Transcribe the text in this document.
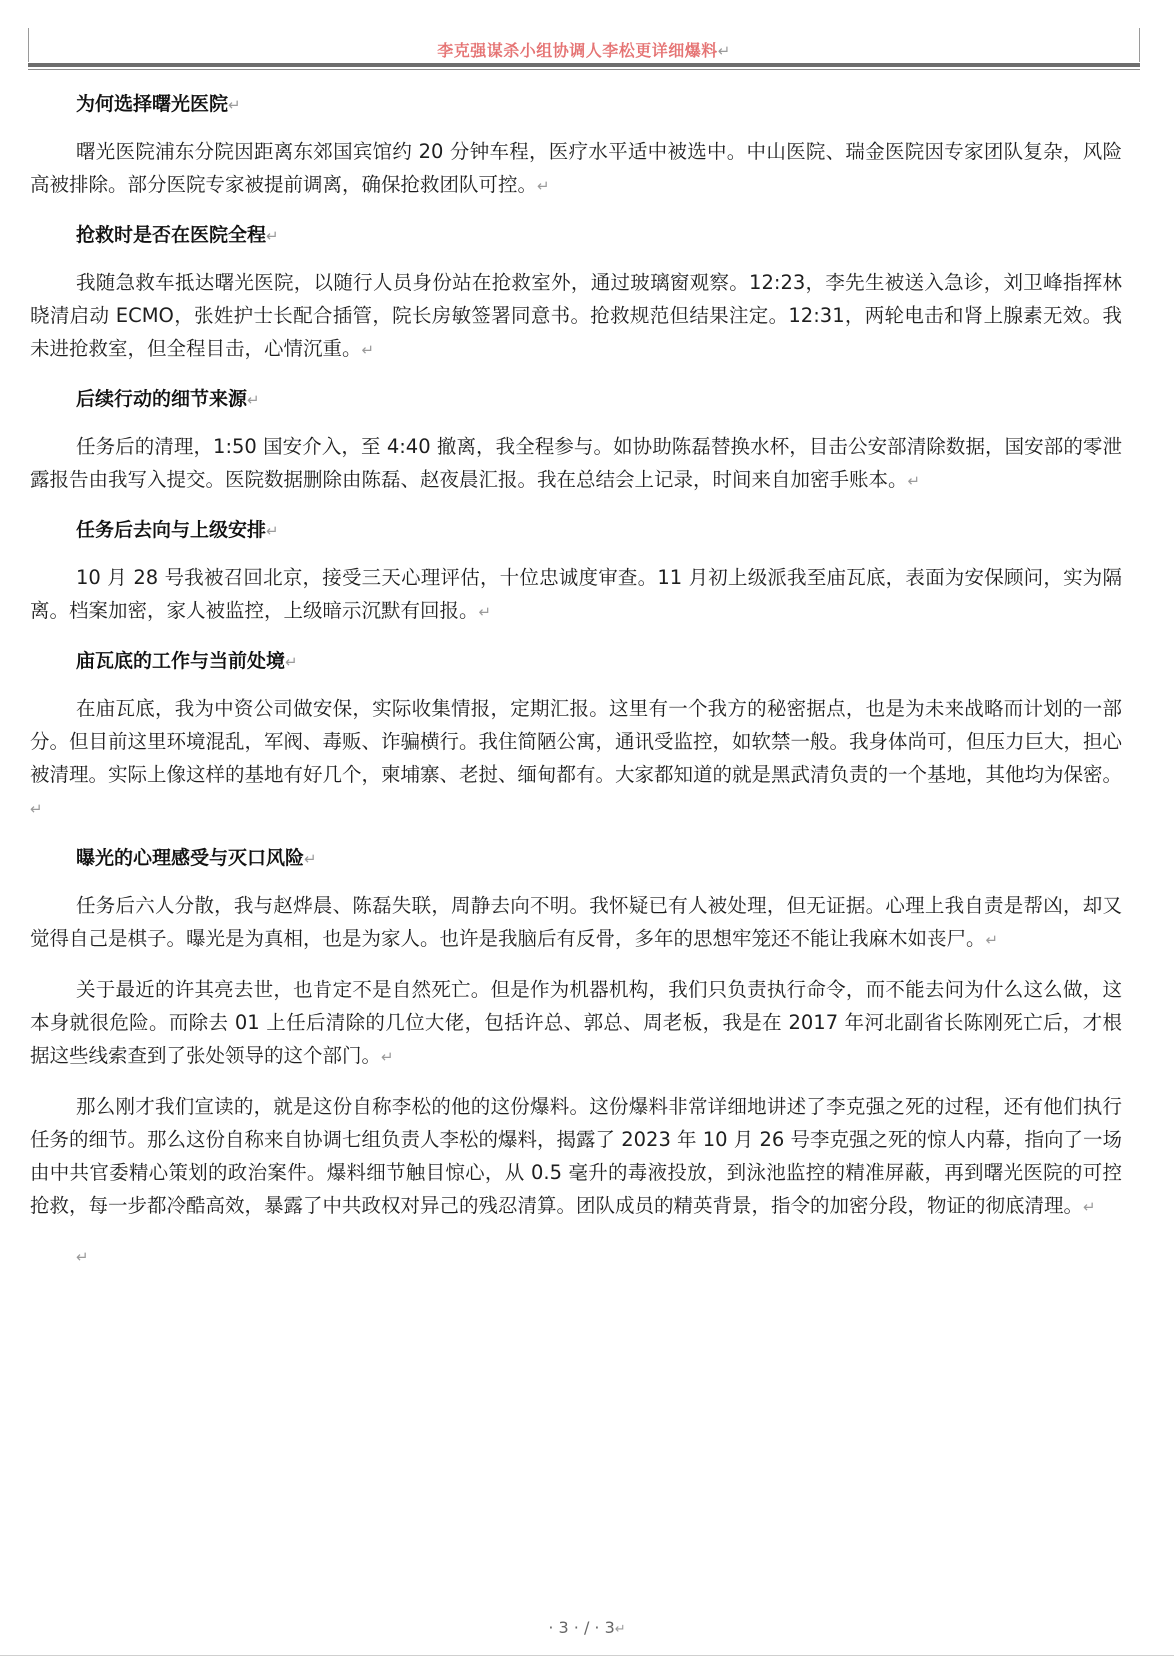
李克强谋杀小组协调人李松更详细爆料↵
为何选择曙光医院↵

曙光医院浦东分院因距离东郊国宾馆约 20 分钟车程，医疗水平适中被选中。中山医院、瑞金医院因专家团队复杂，风险高被排除。部分医院专家被提前调离，确保抢救团队可控。↵

抢救时是否在医院全程↵

我随急救车抵达曙光医院，以随行人员身份站在抢救室外，通过玻璃窗观察。12:23，李先生被送入急诊，刘卫峰指挥林晓清启动 ECMO，张姓护士长配合插管，院长房敏签署同意书。抢救规范但结果注定。12:31，两轮电击和肾上腺素无效。我未进抢救室，但全程目击，心情沉重。↵

后续行动的细节来源↵

任务后的清理，1:50 国安介入，至 4:40 撤离，我全程参与。如协助陈磊替换水杯，目击公安部清除数据，国安部的零泄露报告由我写入提交。医院数据删除由陈磊、赵夜晨汇报。我在总结会上记录，时间来自加密手账本。↵

任务后去向与上级安排↵

10 月 28 号我被召回北京，接受三天心理评估，十位忠诚度审查。11 月初上级派我至庙瓦底，表面为安保顾问，实为隔离。档案加密，家人被监控，上级暗示沉默有回报。↵

庙瓦底的工作与当前处境↵

在庙瓦底，我为中资公司做安保，实际收集情报，定期汇报。这里有一个我方的秘密据点，也是为未来战略而计划的一部分。但目前这里环境混乱，军阀、毒贩、诈骗横行。我住简陋公寓，通讯受监控，如软禁一般。我身体尚可，但压力巨大，担心被清理。实际上像这样的基地有好几个，柬埔寨、老挝、缅甸都有。大家都知道的就是黑武清负责的一个基地，其他均为保密。↵

曝光的心理感受与灭口风险↵

任务后六人分散，我与赵烨晨、陈磊失联，周静去向不明。我怀疑已有人被处理，但无证据。心理上我自责是帮凶，却又觉得自己是棋子。曝光是为真相，也是为家人。也许是我脑后有反骨，多年的思想牢笼还不能让我麻木如丧尸。↵

关于最近的许其亮去世，也肯定不是自然死亡。但是作为机器机构，我们只负责执行命令，而不能去问为什么这么做，这本身就很危险。而除去 01 上任后清除的几位大佬，包括许总、郭总、周老板，我是在 2017 年河北副省长陈刚死亡后，才根据这些线索查到了张处领导的这个部门。↵

那么刚才我们宣读的，就是这份自称李松的他的这份爆料。这份爆料非常详细地讲述了李克强之死的过程，还有他们执行任务的细节。那么这份自称来自协调七组负责人李松的爆料，揭露了 2023 年 10 月 26 号李克强之死的惊人内幕，指向了一场由中共官委精心策划的政治案件。爆料细节触目惊心，从 0.5 毫升的毒液投放，到泳池监控的精准屏蔽，再到曙光医院的可控抢救，每一步都冷酷高效，暴露了中共政权对异己的残忍清算。团队成员的精英背景，指令的加密分段，物证的彻底清理。↵

↵
· 3 · / · 3↵
